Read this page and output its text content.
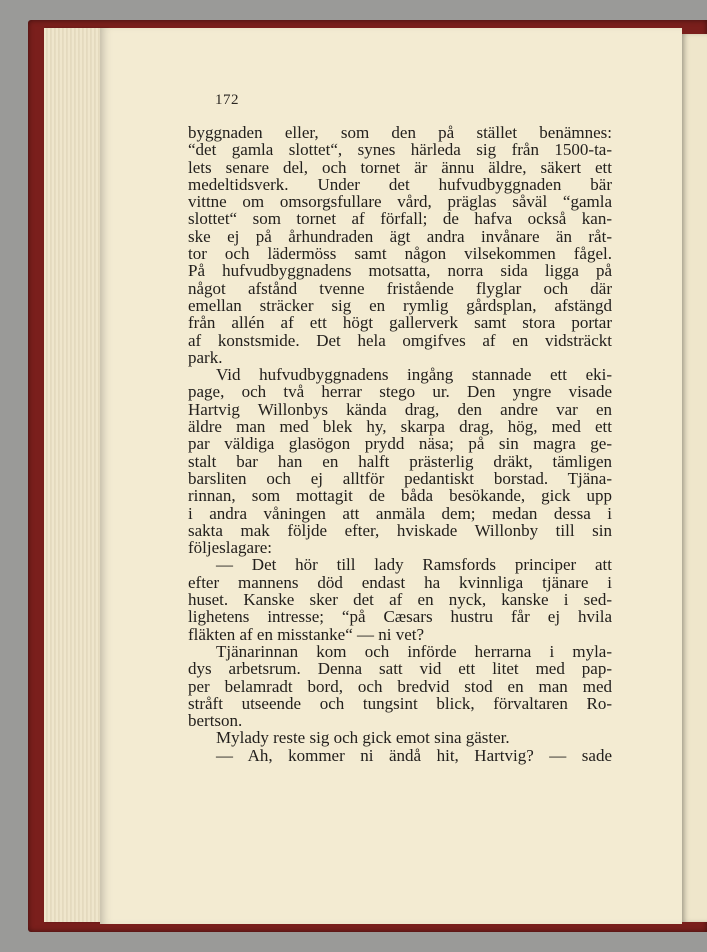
172
byggnaden eller, som den på stället benämnes:
“det gamla slottet“, synes härleda sig från 1500-ta-
lets senare del, och tornet är ännu äldre, säkert ett
medeltidsverk. Under det hufvudbyggnaden bär
vittne om omsorgsfullare vård, präglas såväl “gamla
slottet“ som tornet af förfall; de hafva också kan-
ske ej på århundraden ägt andra invånare än råt-
tor och lädermöss samt någon vilsekommen fågel.
På hufvudbyggnadens motsatta, norra sida ligga på
något afstånd tvenne fristående flyglar och där
emellan sträcker sig en rymlig gårdsplan, afstängd
från allén af ett högt gallerverk samt stora portar
af konstsmide. Det hela omgifves af en vidsträckt
park.
Vid hufvudbyggnadens ingång stannade ett eki-
page, och två herrar stego ur. Den yngre visade
Hartvig Willonbys kända drag, den andre var en
äldre man med blek hy, skarpa drag, hög, med ett
par väldiga glasögon prydd näsa; på sin magra ge-
stalt bar han en halft prästerlig dräkt, tämligen
barsliten och ej alltför pedantiskt borstad. Tjäna-
rinnan, som mottagit de båda besökande, gick upp
i andra våningen att anmäla dem; medan dessa i
sakta mak följde efter, hviskade Willonby till sin
följeslagare:
— Det hör till lady Ramsfords principer att
efter mannens död endast ha kvinnliga tjänare i
huset. Kanske sker det af en nyck, kanske i sed-
lighetens intresse; “på Cæsars hustru får ej hvila
fläkten af en misstanke“ — ni vet?
Tjänarinnan kom och införde herrarna i myla-
dys arbetsrum. Denna satt vid ett litet med pap-
per belamradt bord, och bredvid stod en man med
stråft utseende och tungsint blick, förvaltaren Ro-
bertson.
Mylady reste sig och gick emot sina gäster.
— Ah, kommer ni ändå hit, Hartvig? — sade
